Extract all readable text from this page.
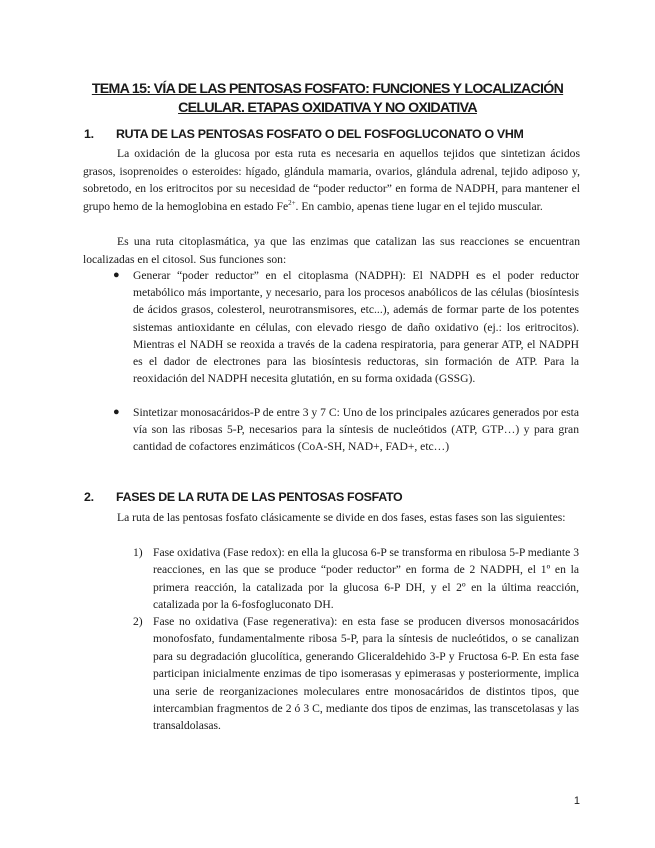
TEMA 15: VÍA DE LAS PENTOSAS FOSFATO: FUNCIONES Y LOCALIZACIÓN CELULAR. ETAPAS OXIDATIVA Y NO OXIDATIVA
1. RUTA DE LAS PENTOSAS FOSFATO O DEL FOSFOGLUCONATO O VHM
La oxidación de la glucosa por esta ruta es necesaria en aquellos tejidos que sintetizan ácidos grasos, isoprenoides o esteroides: hígado, glándula mamaria, ovarios, glándula adrenal, tejido adiposo y, sobretodo, en los eritrocitos por su necesidad de “poder reductor” en forma de NADPH, para mantener el grupo hemo de la hemoglobina en estado $Fe^{2+}$. En cambio, apenas tiene lugar en el tejido muscular.
Es una ruta citoplasmática, ya que las enzimas que catalizan las sus reacciones se encuentran localizadas en el citosol. Sus funciones son:
●	Generar “poder reductor” en el citoplasma (NADPH): El NADPH es el poder reductor metabólico más importante, y necesario, para los procesos anabólicos de las células (biosíntesis de ácidos grasos, colesterol, neurotransmisores, etc...), además de formar parte de los potentes sistemas antioxidante en células, con elevado riesgo de daño oxidativo (ej.: los eritrocitos). Mientras el NADH se reoxida a través de la cadena respiratoria, para generar ATP, el NADPH es el dador de electrones para las biosíntesis reductoras, sin formación de ATP. Para la reoxidación del NADPH necesita glutatión, en su forma oxidada (GSSG).
●	Sintetizar monosacáridos-P de entre 3 y 7 C: Uno de los principales azúcares generados por esta vía son las ribosas 5-P, necesarios para la síntesis de nucleótidos (ATP, GTP…) y para gran cantidad de cofactores enzimáticos (CoA-SH, NAD+, FAD+, etc…)
2. FASES DE LA RUTA DE LAS PENTOSAS FOSFATO
La ruta de las pentosas fosfato clásicamente se divide en dos fases, estas fases son las siguientes:
1) Fase oxidativa (Fase redox): en ella la glucosa 6-P se transforma en ribulosa 5-P mediante 3 reacciones, en las que se produce “poder reductor” en forma de 2 NADPH, el 1º en la primera reacción, la catalizada por la glucosa 6-P DH, y el 2º en la última reacción, catalizada por la 6-fosfogluconato DH.
2) Fase no oxidativa (Fase regenerativa): en esta fase se producen diversos monosacáridos monofosfato, fundamentalmente ribosa 5-P, para la síntesis de nucleótidos, o se canalizan para su degradación glucolítica, generando Gliceraldehido 3-P y Fructosa 6-P. En esta fase participan inicialmente enzimas de tipo isomerasas y epimerasas y posteriormente, implica una serie de reorganizaciones moleculares entre monosacáridos de distintos tipos, que intercambian fragmentos de 2 ó 3 C, mediante dos tipos de enzimas, las transcetolasas y las transaldolasas.
1
